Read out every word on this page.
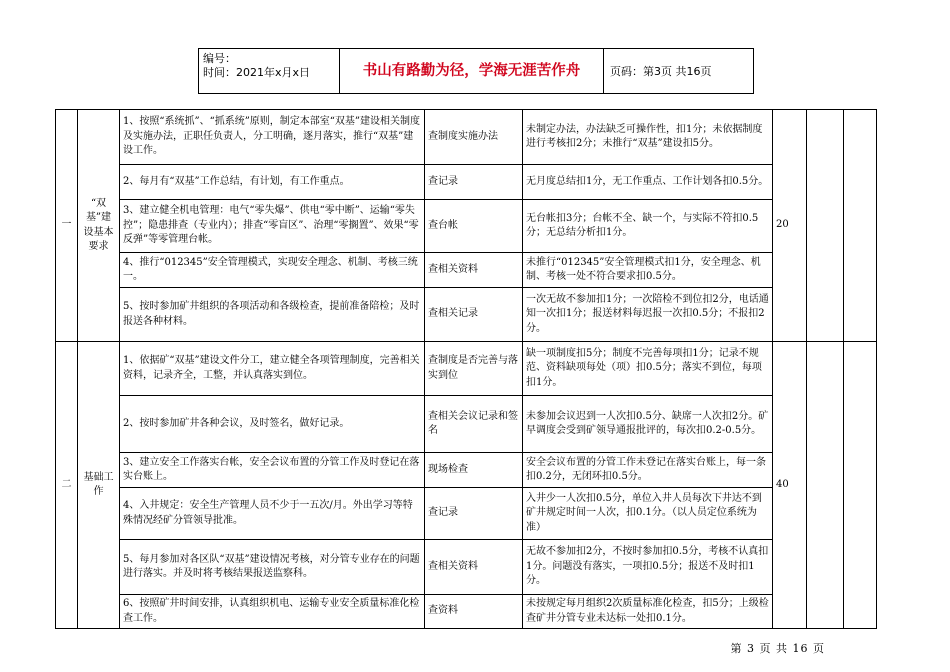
编号：
时间：2021年x月x日	书山有路勤为径，学海无涯苦作舟	页码：第3页 共16页
一	“双基”建设基本要求	1、按照“系统抓”、“抓系统”原则，制定本部室“双基”建设相关制度及实施办法，正职任负责人，分工明确，逐月落实，推行“双基”建设工作。	查制度实施办法	未制定办法，办法缺乏可操作性，扣1分；未依据制度进行考核扣2分；未推行“双基”建设扣5分。	20			
		2、每月有“双基”工作总结，有计划，有工作重点。	查记录	无月度总结扣1分，无工作重点、工作计划各扣0.5分。				
		3、建立健全机电管理：电气“零失爆”、供电“零中断”、运输“零失控”；隐患排查（专业内）；排查“零盲区”、治理“零搁置”、效果“零反弹”等零管理台帐。	查台帐	无台帐扣3分；台帐不全、缺一个，与实际不符扣0.5分；无总结分析扣1分。				
		4、推行“012345”安全管理模式，实现安全理念、机制、考核三统一。	查相关资料	未推行“012345”安全管理模式扣1分，安全理念、机制、考核一处不符合要求扣0.5分。				
		5、按时参加矿井组织的各项活动和各级检查，提前准备陪检；及时报送各种材料。	查相关记录	一次无故不参加扣1分；一次陪检不到位扣2分，电话通知一次扣1分；报送材料每迟报一次扣0.5分；不报扣2分。				
二	基础工作	1、依据矿“双基”建设文件分工，建立健全各项管理制度，完善相关资料，记录齐全，工整，并认真落实到位。	查制度是否完善与落实到位	缺一项制度扣5分；制度不完善每项扣1分；记录不规范、资料缺项每处（项）扣0.5分；落实不到位，每项扣1分。	40			
		2、按时参加矿井各种会议，及时签名，做好记录。	查相关会议记录和签名	未参加会议迟到一人次扣0.5分、缺席一人次扣2分。矿早调度会受到矿领导通报批评的，每次扣0.2-0.5分。				
		3、建立安全工作落实台帐，安全会议布置的分管工作及时登记在落实台账上。	现场检查	安全会议布置的分管工作未登记在落实台账上，每一条扣0.2分，无闭环扣0.5分。				
		4、入井规定：安全生产管理人员不少于一五次/月。外出学习等特殊情况经矿分管领导批准。	查记录	入井少一人次扣0.5分，单位入井人员每次下井达不到矿井规定时间一人次，扣0.1分。（以人员定位系统为准）				
		5、每月参加对各区队“双基”建设情况考核，对分管专业存在的问题进行落实。并及时将考核结果报送监察科。	查相关资料	无故不参加扣2分，不按时参加扣0.5分，考核不认真扣1分。问题没有落实，一项扣0.5分；报送不及时扣1分。				
		6、按照矿井时间安排，认真组织机电、运输专业安全质量标准化检查工作。	查资料	未按规定每月组织2次质量标准化检查，扣5分；上级检查矿井分管专业未达标一处扣0.1分。				
第 3 页 共 16 页
